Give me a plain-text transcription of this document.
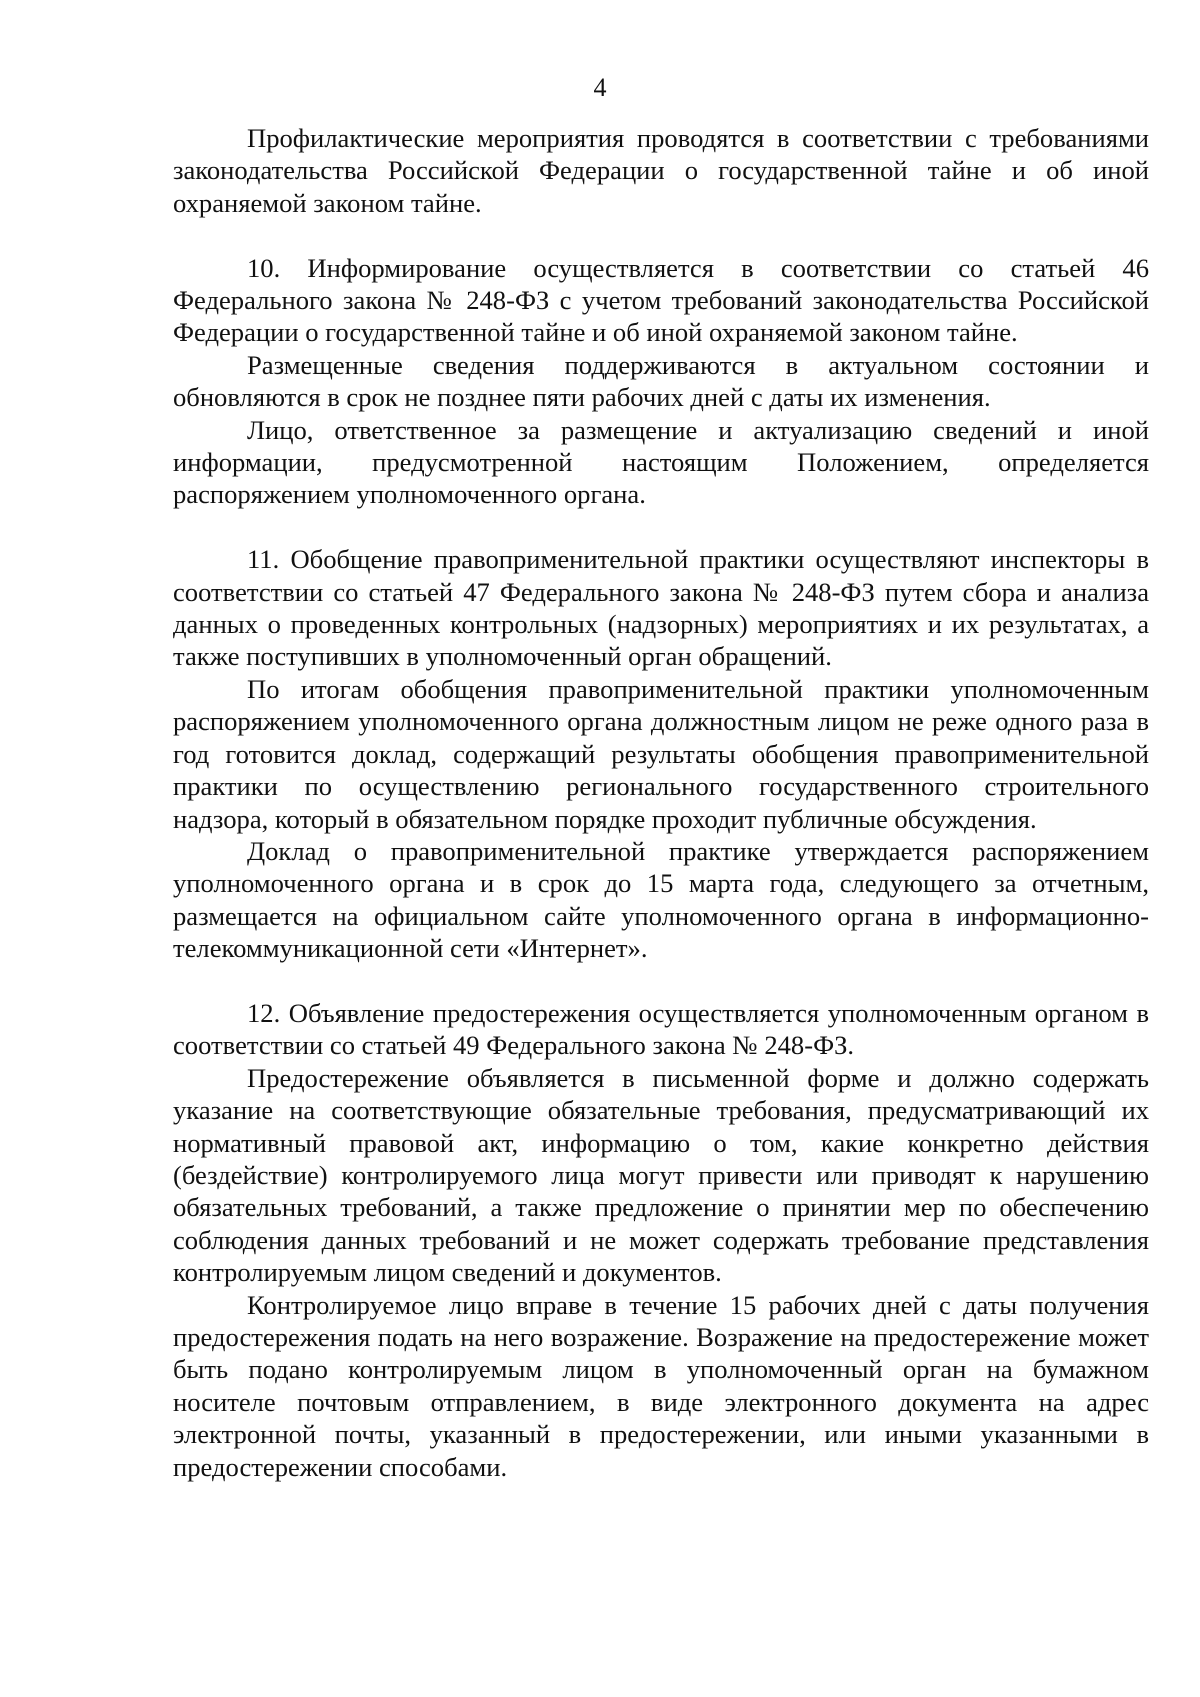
4

Профилактические мероприятия проводятся в соответствии с требованиями законодательства Российской Федерации о государственной тайне и об иной охраняемой законом тайне.

10. Информирование осуществляется в соответствии со статьей 46 Федерального закона № 248-ФЗ с учетом требований законодательства Российской Федерации о государственной тайне и об иной охраняемой законом тайне.

Размещенные сведения поддерживаются в актуальном состоянии и обновляются в срок не позднее пяти рабочих дней с даты их изменения.

Лицо, ответственное за размещение и актуализацию сведений и иной информации, предусмотренной настоящим Положением, определяется распоряжением уполномоченного органа.

11. Обобщение правоприменительной практики осуществляют инспекторы в соответствии со статьей 47 Федерального закона № 248-ФЗ путем сбора и анализа данных о проведенных контрольных (надзорных) мероприятиях и их результатах, а также поступивших в уполномоченный орган обращений.

По итогам обобщения правоприменительной практики уполномоченным распоряжением уполномоченного органа должностным лицом не реже одного раза в год готовится доклад, содержащий результаты обобщения правоприменительной практики по осуществлению регионального государственного строительного надзора, который в обязательном порядке проходит публичные обсуждения.

Доклад о правоприменительной практике утверждается распоряжением уполномоченного органа и в срок до 15 марта года, следующего за отчетным, размещается на официальном сайте уполномоченного органа в информационно-телекоммуникационной сети «Интернет».

12. Объявление предостережения осуществляется уполномоченным органом в соответствии со статьей 49 Федерального закона № 248-ФЗ.

Предостережение объявляется в письменной форме и должно содержать указание на соответствующие обязательные требования, предусматривающий их нормативный правовой акт, информацию о том, какие конкретно действия (бездействие) контролируемого лица могут привести или приводят к нарушению обязательных требований, а также предложение о принятии мер по обеспечению соблюдения данных требований и не может содержать требование представления контролируемым лицом сведений и документов.

Контролируемое лицо вправе в течение 15 рабочих дней с даты получения предостережения подать на него возражение. Возражение на предостережение может быть подано контролируемым лицом в уполномоченный орган на бумажном носителе почтовым отправлением, в виде электронного документа на адрес электронной почты, указанный в предостережении, или иными указанными в предостережении способами.
